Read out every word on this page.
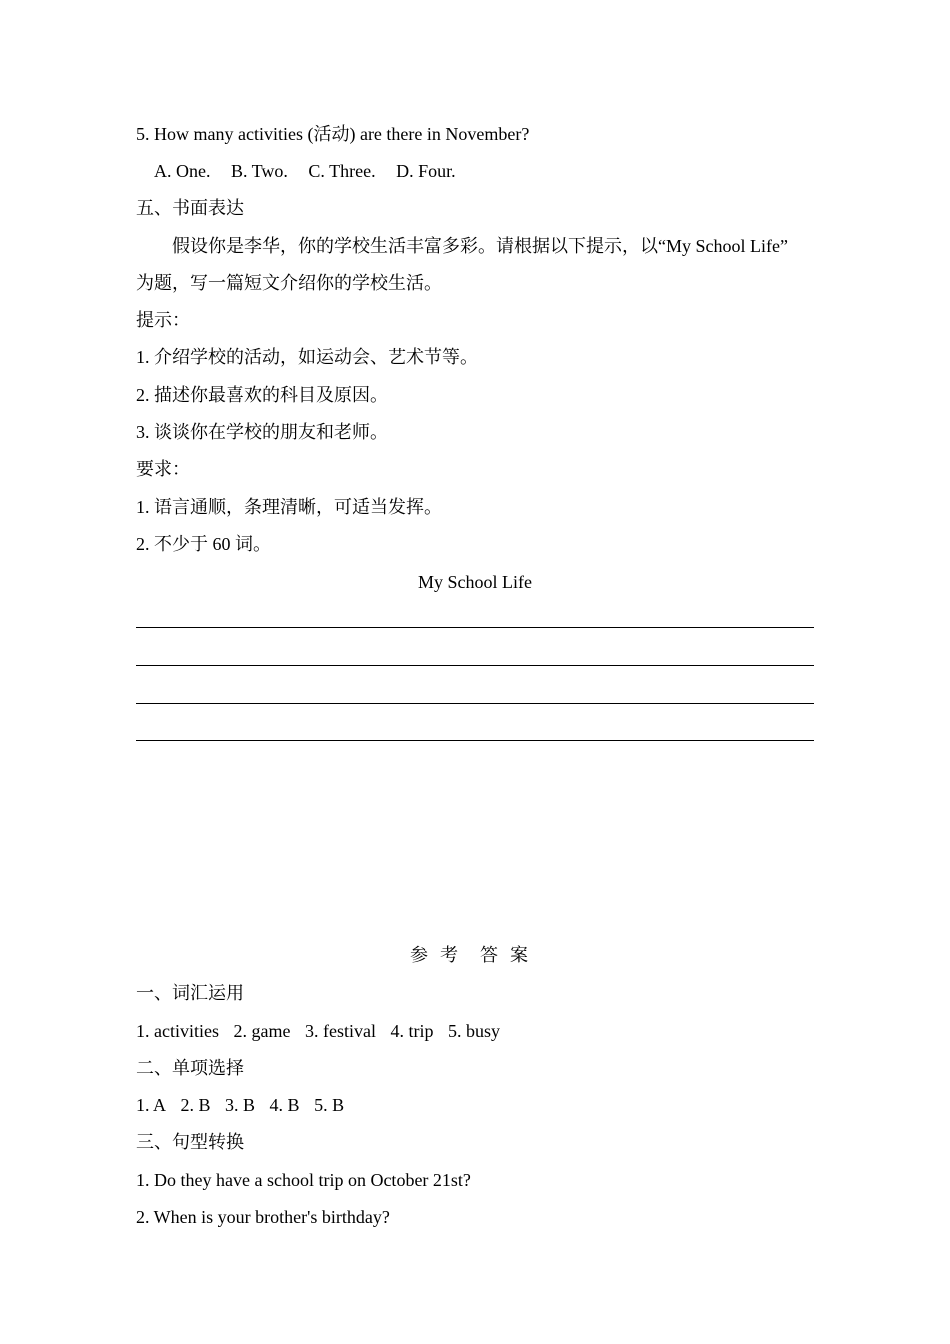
5. How many activities (活动) are there in November?
A. One. B. Two. C. Three. D. Four.
五、书面表达
假设你是李华，你的学校生活丰富多彩。请根据以下提示，以“My School Life”
为题，写一篇短文介绍你的学校生活。
提示：
1. 介绍学校的活动，如运动会、艺术节等。
2. 描述你最喜欢的科目及原因。
3. 谈谈你在学校的朋友和老师。
要求：
1. 语言通顺，条理清晰，可适当发挥。
2. 不少于 60 词。
My School Life
参考 答案
一、词汇运用
1. activities 2. game 3. festival 4. trip 5. busy
二、单项选择
1. A 2. B 3. B 4. B 5. B
三、句型转换
1. Do they have a school trip on October 21st?
2. When is your brother's birthday?
